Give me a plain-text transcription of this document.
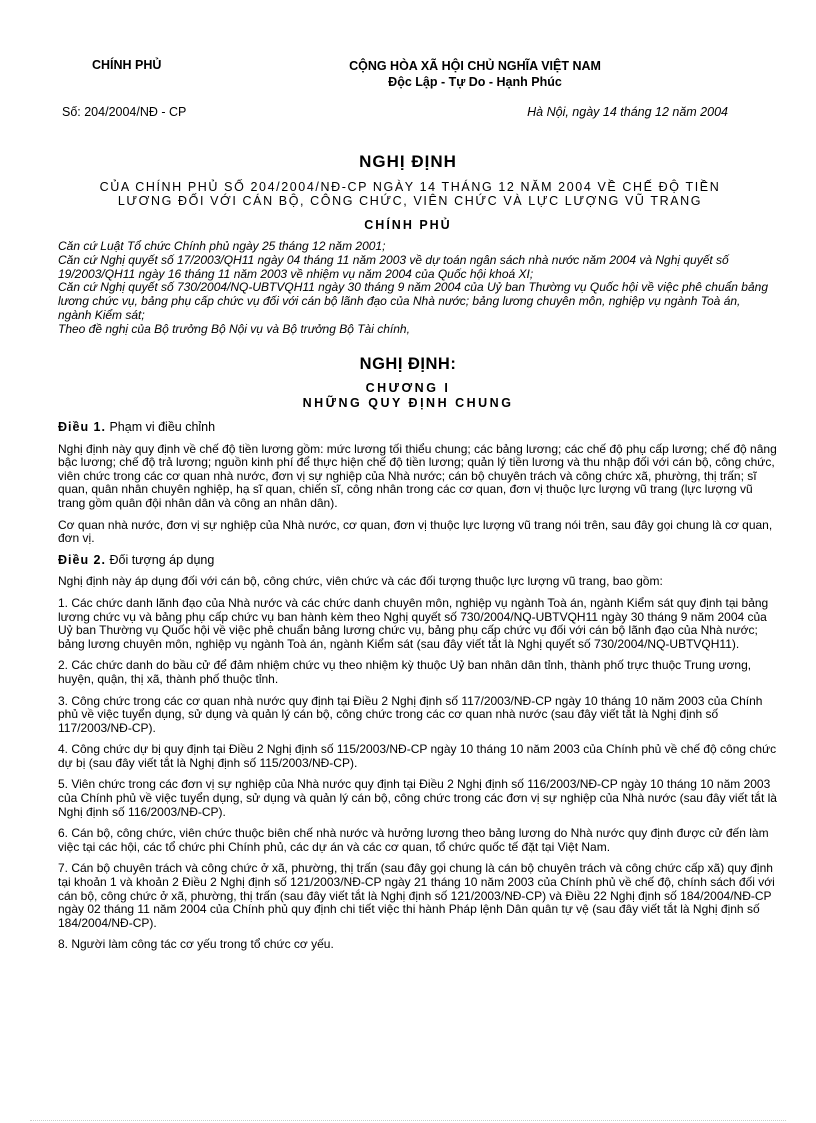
CHÍNH PHỦ	CỘNG HÒA XÃ HỘI CHỦ NGHĨA VIỆT NAM
Độc Lập - Tự Do - Hạnh Phúc
Số: 204/2004/NĐ - CP	Hà Nội, ngày 14 tháng 12 năm 2004
NGHỊ ĐỊNH
CỦA CHÍNH PHỦ SỐ 204/2004/NĐ-CP NGÀY 14 THÁNG 12 NĂM 2004 VỀ CHẾ ĐỘ TIỀN LƯƠNG ĐỐI VỚI CÁN BỘ, CÔNG CHỨC, VIÊN CHỨC VÀ LỰC LƯỢNG VŨ TRANG
CHÍNH PHỦ
Căn cứ Luật Tổ chức Chính phủ ngày 25 tháng 12 năm 2001;
Căn cứ Nghị quyết số 17/2003/QH11 ngày 04 tháng 11 năm 2003 về dự toán ngân sách nhà nước năm 2004 và Nghị quyết số 19/2003/QH11 ngày 16 tháng 11 năm 2003 về nhiệm vụ năm 2004 của Quốc hội khoá XI;
Căn cứ Nghị quyết số 730/2004/NQ-UBTVQH11 ngày 30 tháng 9 năm 2004 của Uỷ ban Thường vụ Quốc hội về việc phê chuẩn bảng lương chức vụ, bảng phụ cấp chức vụ đối với cán bộ lãnh đạo của Nhà nước; bảng lương chuyên môn, nghiệp vụ ngành Toà án, ngành Kiểm sát;
Theo đề nghị của Bộ trưởng Bộ Nội vụ và Bộ trưởng Bộ Tài chính,
NGHỊ ĐỊNH:
CHƯƠNG I
NHỮNG QUY ĐỊNH CHUNG
Điều 1. Phạm vi điều chỉnh
Nghị định này quy định về chế độ tiền lương gồm: mức lương tối thiểu chung; các bảng lương; các chế độ phụ cấp lương; chế độ nâng bậc lương; chế độ trả lương; nguồn kinh phí để thực hiện chế độ tiền lương; quản lý tiền lương và thu nhập đối với cán bộ, công chức, viên chức trong các cơ quan nhà nước, đơn vị sự nghiệp của Nhà nước; cán bộ chuyên trách và công chức xã, phường, thị trấn; sĩ quan, quân nhân chuyên nghiệp, hạ sĩ quan, chiến sĩ, công nhân trong các cơ quan, đơn vị thuộc lực lượng vũ trang (lực lượng vũ trang gồm quân đội nhân dân và công an nhân dân).
Cơ quan nhà nước, đơn vị sự nghiệp của Nhà nước, cơ quan, đơn vị thuộc lực lượng vũ trang nói trên, sau đây gọi chung là cơ quan, đơn vị.
Điều 2. Đối tượng áp dụng
Nghị định này áp dụng đối với cán bộ, công chức, viên chức và các đối tượng thuộc lực lượng vũ trang, bao gồm:
1. Các chức danh lãnh đạo của Nhà nước và các chức danh chuyên môn, nghiệp vụ ngành Toà án, ngành Kiểm sát quy định tại bảng lương chức vụ và bảng phụ cấp chức vụ ban hành kèm theo Nghị quyết số 730/2004/NQ-UBTVQH11 ngày 30 tháng 9 năm 2004 của Uỷ ban Thường vụ Quốc hội về việc phê chuẩn bảng lương chức vụ, bảng phụ cấp chức vụ đối với cán bộ lãnh đạo của Nhà nước; bảng lương chuyên môn, nghiệp vụ ngành Toà án, ngành Kiểm sát (sau đây viết tắt là Nghị quyết số 730/2004/NQ-UBTVQH11).
2. Các chức danh do bầu cử để đảm nhiệm chức vụ theo nhiệm kỳ thuộc Uỷ ban nhân dân tỉnh, thành phố trực thuộc Trung ương, huyện, quận, thị xã, thành phố thuộc tỉnh.
3. Công chức trong các cơ quan nhà nước quy định tại Điều 2 Nghị định số 117/2003/NĐ-CP ngày 10 tháng 10 năm 2003 của Chính phủ về việc tuyển dụng, sử dụng và quản lý cán bộ, công chức trong các cơ quan nhà nước (sau đây viết tắt là Nghị định số 117/2003/NĐ-CP).
4. Công chức dự bị quy định tại Điều 2 Nghị định số 115/2003/NĐ-CP ngày 10 tháng 10 năm 2003 của Chính phủ về chế độ công chức dự bị (sau đây viết tắt là Nghị định số 115/2003/NĐ-CP).
5. Viên chức trong các đơn vị sự nghiệp của Nhà nước quy định tại Điều 2 Nghị định số 116/2003/NĐ-CP ngày 10 tháng 10 năm 2003 của Chính phủ về việc tuyển dụng, sử dụng và quản lý cán bộ, công chức trong các đơn vị sự nghiệp của Nhà nước (sau đây viết tắt là Nghị định số 116/2003/NĐ-CP).
6. Cán bộ, công chức, viên chức thuộc biên chế nhà nước và hưởng lương theo bảng lương do Nhà nước quy định được cử đến làm việc tại các hội, các tổ chức phi Chính phủ, các dự án và các cơ quan, tổ chức quốc tế đặt tại Việt Nam.
7. Cán bộ chuyên trách và công chức ở xã, phường, thị trấn (sau đây gọi chung là cán bộ chuyên trách và công chức cấp xã) quy định tại khoản 1 và khoản 2 Điều 2 Nghị định số 121/2003/NĐ-CP ngày 21 tháng 10 năm 2003 của Chính phủ về chế độ, chính sách đối với cán bộ, công chức ở xã, phường, thị trấn (sau đây viết tắt là Nghị định số 121/2003/NĐ-CP) và Điều 22 Nghị định số 184/2004/NĐ-CP ngày 02 tháng 11 năm 2004 của Chính phủ quy định chi tiết việc thi hành Pháp lệnh Dân quân tự vệ (sau đây viết tắt là Nghị định số 184/2004/NĐ-CP).
8. Người làm công tác cơ yếu trong tổ chức cơ yếu.
